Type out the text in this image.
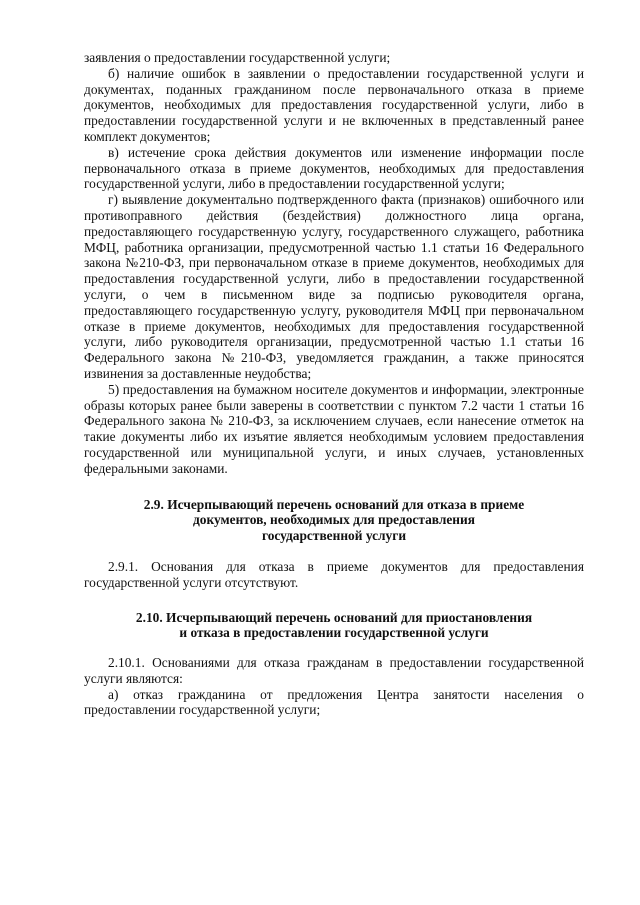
заявления о предоставлении государственной услуги;

б) наличие ошибок в заявлении о предоставлении государственной услуги и документах, поданных гражданином после первоначального отказа в приеме документов, необходимых для предоставления государственной услуги, либо в предоставлении государственной услуги и не включенных в представленный ранее комплект документов;

в) истечение срока действия документов или изменение информации после первоначального отказа в приеме документов, необходимых для предоставления государственной услуги, либо в предоставлении государственной услуги;

г) выявление документально подтвержденного факта (признаков) ошибочного или противоправного действия (бездействия) должностного лица органа, предоставляющего государственную услугу, государственного служащего, работника МФЦ, работника организации, предусмотренной частью 1.1 статьи 16 Федерального закона №210-ФЗ, при первоначальном отказе в приеме документов, необходимых для предоставления государственной услуги, либо в предоставлении государственной услуги, о чем в письменном виде за подписью руководителя органа, предоставляющего государственную услугу, руководителя МФЦ при первоначальном отказе в приеме документов, необходимых для предоставления государственной услуги, либо руководителя организации, предусмотренной частью 1.1 статьи 16 Федерального закона №210-ФЗ, уведомляется гражданин, а также приносятся извинения за доставленные неудобства;

5) предоставления на бумажном носителе документов и информации, электронные образы которых ранее были заверены в соответствии с пунктом 7.2 части 1 статьи 16 Федерального закона № 210-ФЗ, за исключением случаев, если нанесение отметок на такие документы либо их изъятие является необходимым условием предоставления государственной или муниципальной услуги, и иных случаев, установленных федеральными законами.

2.9. Исчерпывающий перечень оснований для отказа в приеме
документов, необходимых для предоставления
государственной услуги

2.9.1. Основания для отказа в приеме документов для предоставления государственной услуги отсутствуют.

2.10. Исчерпывающий перечень оснований для приостановления
и отказа в предоставлении государственной услуги

2.10.1. Основаниями для отказа гражданам в предоставлении государственной услуги являются:

а) отказ гражданина от предложения Центра занятости населения о предоставлении государственной услуги;
